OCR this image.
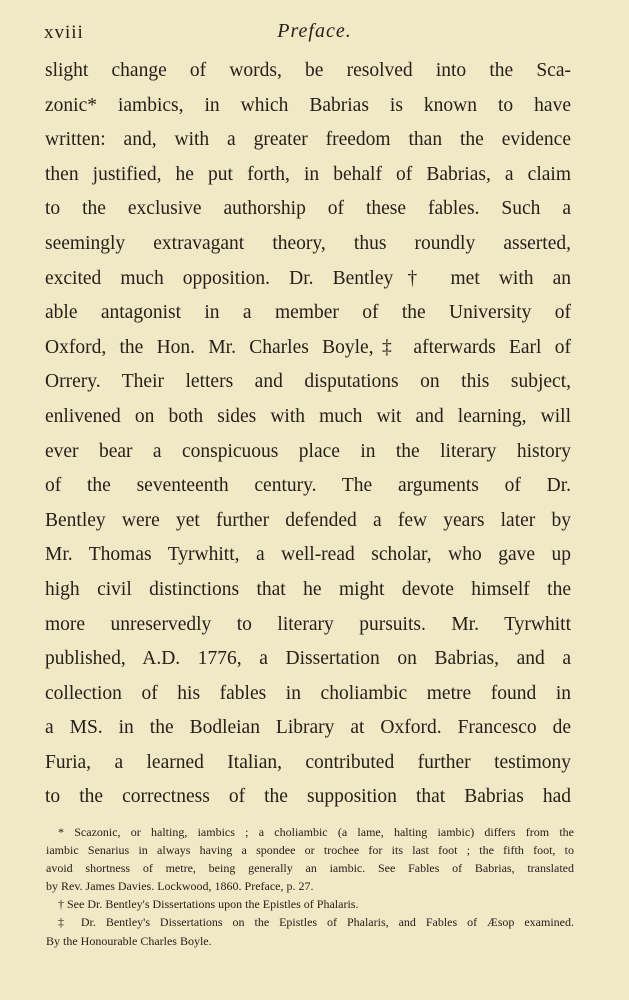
xviii	Preface.
slight change of words, be resolved into the Sca-
zonic* iambics, in which Babrias is known to have
written: and, with a greater freedom than the evidence
then justified, he put forth, in behalf of Babrias, a claim
to the exclusive authorship of these fables. Such a
seemingly extravagant theory, thus roundly asserted,
excited much opposition. Dr. Bentley† met with an
able antagonist in a member of the University of
Oxford, the Hon. Mr. Charles Boyle,‡ afterwards Earl of
Orrery. Their letters and disputations on this subject,
enlivened on both sides with much wit and learning, will
ever bear a conspicuous place in the literary history
of the seventeenth century. The arguments of Dr.
Bentley were yet further defended a few years later by
Mr. Thomas Tyrwhitt, a well-read scholar, who gave up
high civil distinctions that he might devote himself the
more unreservedly to literary pursuits. Mr. Tyrwhitt
published, A.D. 1776, a Dissertation on Babrias, and a
collection of his fables in choliambic metre found in
a MS. in the Bodleian Library at Oxford. Francesco de
Furia, a learned Italian, contributed further testimony
to the correctness of the supposition that Babrias had
* Scazonic, or halting, iambics ; a choliambic (a lame, halting iambic) differs from the
iambic Senarius in always having a spondee or trochee for its last foot ; the fifth foot, to
avoid shortness of metre, being generally an iambic. See Fables of Babrias, translated
by Rev. James Davies. Lockwood, 1860. Preface, p. 27.
† See Dr. Bentley's Dissertations upon the Epistles of Phalaris.
‡ Dr. Bentley's Dissertations on the Epistles of Phalaris, and Fables of Æsop examined.
By the Honourable Charles Boyle.
